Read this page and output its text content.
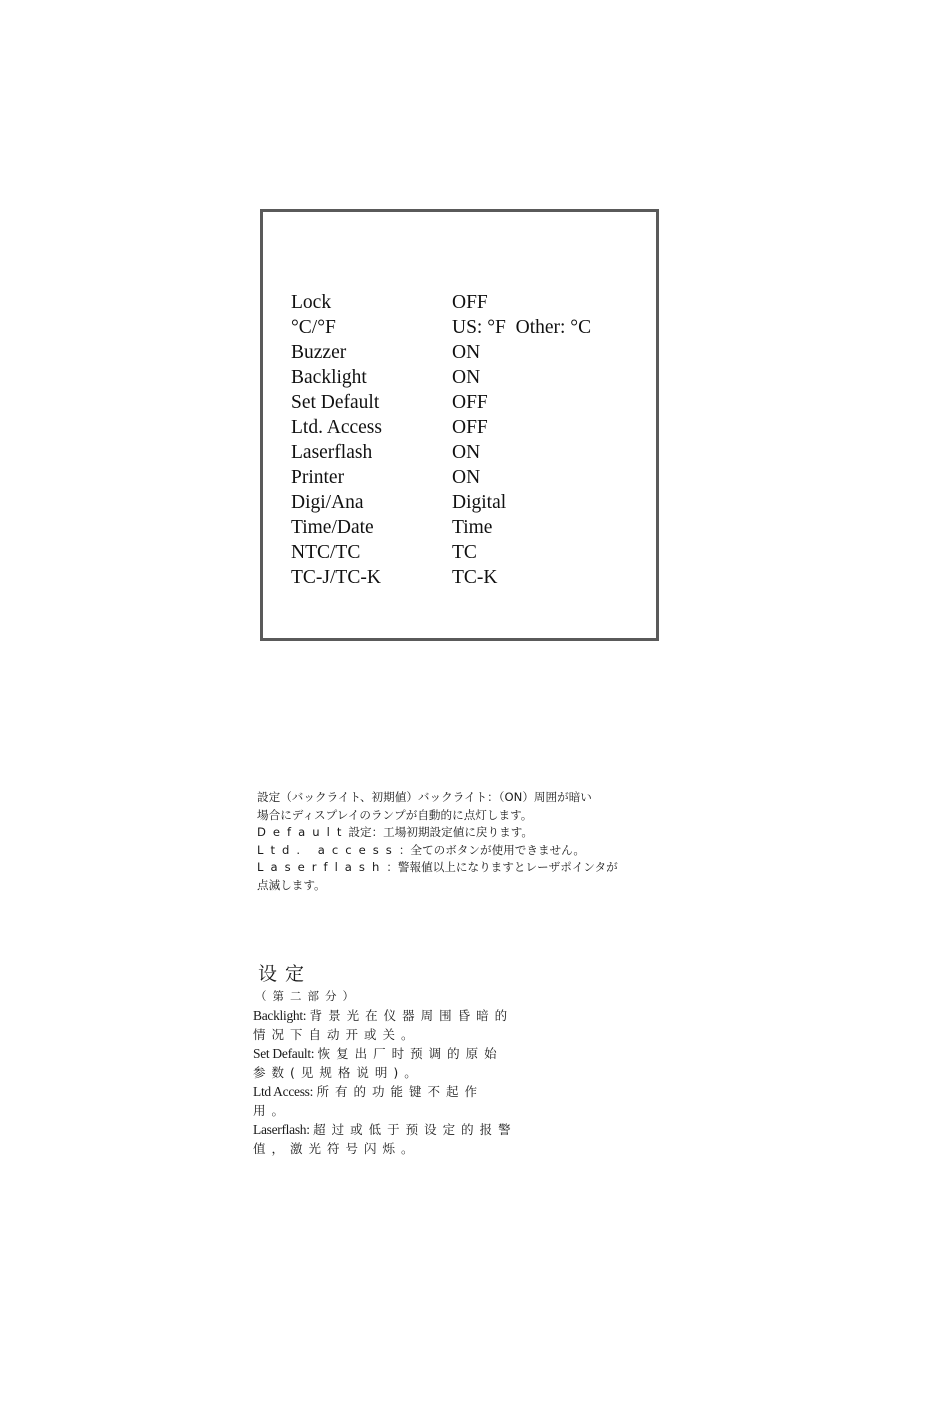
Lock	OFF
°C/°F	US: °F  Other: °C
Buzzer	ON
Backlight	ON
Set Default	OFF
Ltd. Access	OFF
Laserflash	ON
Printer	ON
Digi/Ana	Digital
Time/Date	Time
NTC/TC	TC
TC-J/TC-K	TC-K
設定（バックライト、初期値）バックライト：（ON）周囲が暗い
場合にディスプレイのランプが自動的に点灯します。
Default設定：工場初期設定値に戻ります。
Ltd. access：全てのボタンが使用できません。
Laserflash：警報値以上になりますとレーザポインタが
点滅します。
设定
（第二部分）
Backlight: 背景光在仪器周围昏暗的
情况下自动开或关。
Set Default: 恢复出厂时预调的原始
参数(见规格说明)。
Ltd Access: 所有的功能键不起作
用。
Laserflash: 超过或低于预设定的报警
值，激光符号闪烁。
